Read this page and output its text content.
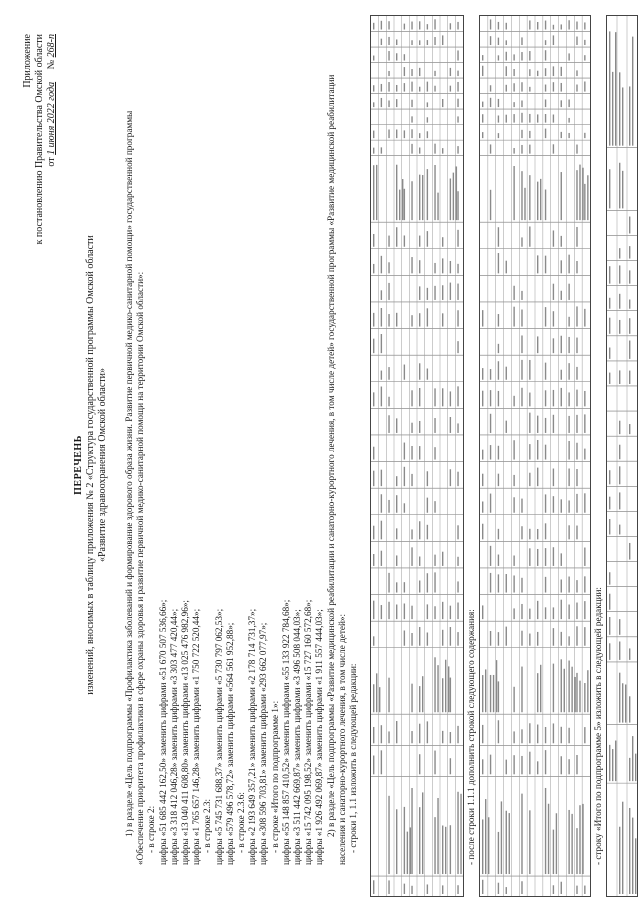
Приложение к постановлению Правительства Омской области от 1 июня 2022 года     № 268-п
ПЕРЕЧЕНЬ изменений, вносимых в таблицу приложения № 2 «Структура государственной программы Омской области «Развитие здравоохранения Омской области» 1) в разделе «Цель подпрограммы «Профилактика заболеваний и формирование здорового образа жизни. Развитие первичной медико-санитарной помощи» государственной программы «Обеспечение приоритета профилактики в сфере охраны здоровья и развитие первичной медико-санитарной помощи на территории Омской области»: - в строке 2: цифры «51 685 442 162,50» заменить цифрами «51 670 507 536,66»; цифры «3 318 412 046,28» заменить цифрами «3 303 477 420,44»; цифры «13 040 411 608,80» заменить цифрами «13 025 476 982,96»; цифры «1 765 657 146,28» заменить цифрами «1 750 722 520,44»; - в строке 2.3: цифры «5 745 731 688,37» заменить цифрами «5 730 797 062,53»; цифры «579 496 578,72» заменить цифрами «564 561 952,88»; - в строке 2.3.6: цифры «2 193 649 357,21» заменить цифрами «2 178 714 731,37»; цифры «308 596 703,81» заменить цифрами «293 662 077,97»; - в строке «Итого по подпрограмме 1»: цифры «55 148 857 410,52» заменить цифрами «55 133 922 784,68»; цифры «3 511 442 669,87» заменить цифрами «3 496 508 044,03»; цифры «15 742 095 198,52» заменить цифрами «15 727 160 572,68»; цифры «1 926 492 069,87» заменить цифрами «1 911 557 444,03»; 2) в разделе «Цель подпрограммы «Развитие медицинской реабилитации и санаторно-курортного лечения, в том числе детей» государственной программы «Развитие медицинской реабилитации населения и санаторно-курортного лечения, в том числе детей»: - строки 1, 1.1 изложить в следующей редакции:	- после строки 1.1.1 дополнить строкой следующего содержания:	- строку «Итого по подпрограмме 5» изложить в следующей редакции:
